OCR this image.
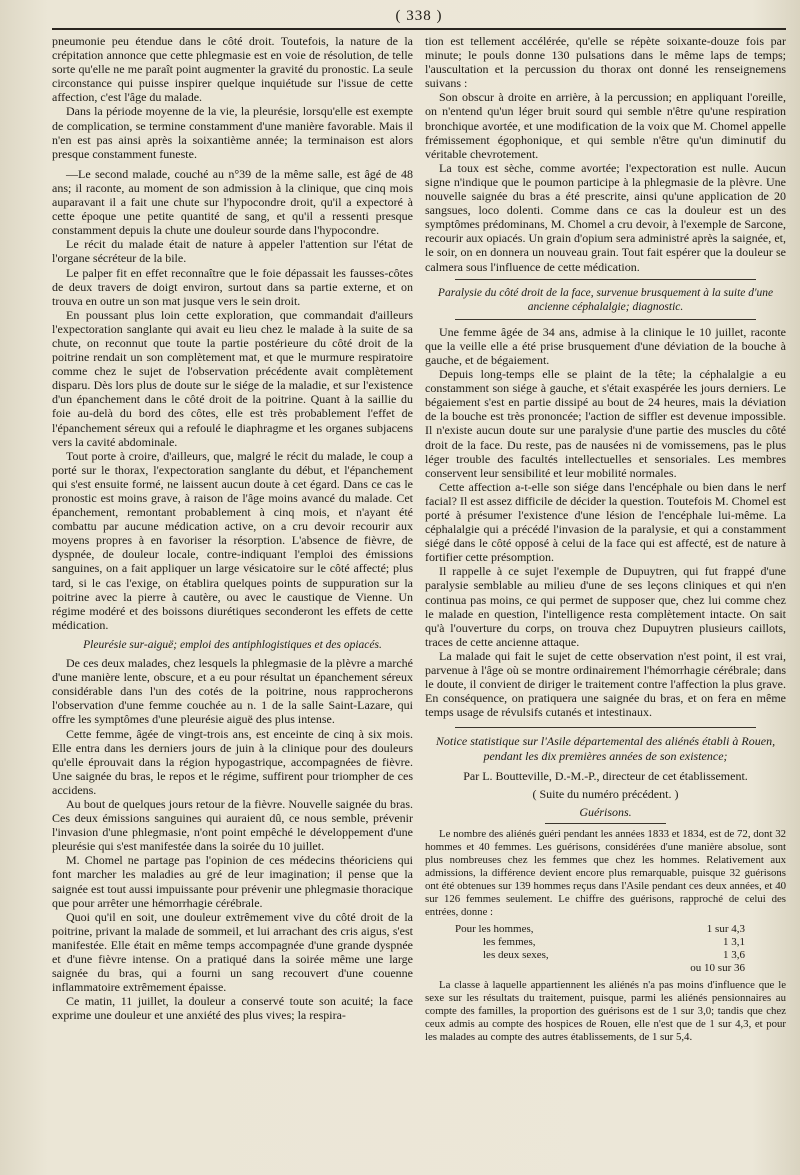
( 338 )

pneumonie peu étendue dans le côté droit. Toutefois, la nature de la crépitation annonce que cette phlegmasie est en voie de résolution, de telle sorte qu'elle ne me paraît point augmenter la gravité du pronostic. La seule circonstance qui puisse inspirer quelque inquiétude sur l'issue de cette affection, c'est l'âge du malade.

Dans la période moyenne de la vie, la pleurésie, lorsqu'elle est exempte de complication, se termine constamment d'une manière favorable. Mais il n'en est pas ainsi après la soixantième année; la terminaison est alors presque constamment funeste.

—Le second malade, couché au n°39 de la même salle, est âgé de 48 ans; il raconte, au moment de son admission à la clinique, que cinq mois auparavant il a fait une chute sur l'hypocondre droit, qu'il a expectoré à cette époque une petite quantité de sang, et qu'il a ressenti presque constamment depuis la chute une douleur sourde dans l'hypocondre.

Le récit du malade était de nature à appeler l'attention sur l'état de l'organe sécréteur de la bile.

Le palper fit en effet reconnaître que le foie dépassait les fausses-côtes de deux travers de doigt environ, surtout dans sa partie externe, et on trouva en outre un son mat jusque vers le sein droit.

En poussant plus loin cette exploration, que commandait d'ailleurs l'expectoration sanglante qui avait eu lieu chez le malade à la suite de sa chute, on reconnut que toute la partie postérieure du côté droit de la poitrine rendait un son complètement mat, et que le murmure respiratoire comme chez le sujet de l'observation précédente avait complètement disparu. Dès lors plus de doute sur le siége de la maladie, et sur l'existence d'un épanchement dans le côté droit de la poitrine. Quant à la saillie du foie au-delà du bord des côtes, elle est très probablement l'effet de l'épanchement séreux qui a refoulé le diaphragme et les organes subjacens vers la cavité abdominale.

Tout porte à croire, d'ailleurs, que, malgré le récit du malade, le coup a porté sur le thorax, l'expectoration sanglante du début, et l'épanchement qui s'est ensuite formé, ne laissent aucun doute à cet égard. Dans ce cas le pronostic est moins grave, à raison de l'âge moins avancé du malade. Cet épanchement, remontant probablement à cinq mois, et n'ayant été combattu par aucune médication active, on a cru devoir recourir aux moyens propres à en favoriser la résorption. L'absence de fièvre, de dyspnée, de douleur locale, contre-indiquant l'emploi des émissions sanguines, on a fait appliquer un large vésicatoire sur le côté affecté; plus tard, si le cas l'exige, on établira quelques points de suppuration sur la poitrine avec la pierre à cautère, ou avec le caustique de Vienne. Un régime modéré et des boissons diurétiques seconderont les effets de cette médication.

Pleurésie sur-aiguë; emploi des antiphlogistiques et des opiacés.

De ces deux malades, chez lesquels la phlegmasie de la plèvre a marché d'une manière lente, obscure, et a eu pour résultat un épanchement séreux considérable dans l'un des cotés de la poitrine, nous rapprocherons l'observation d'une femme couchée au n. 1 de la salle Saint-Lazare, qui offre les symptômes d'une pleurésie aiguë des plus intense.

Cette femme, âgée de vingt-trois ans, est enceinte de cinq à six mois. Elle entra dans les derniers jours de juin à la clinique pour des douleurs qu'elle éprouvait dans la région hypogastrique, accompagnées de fièvre. Une saignée du bras, le repos et le régime, suffirent pour triompher de ces accidens.

Au bout de quelques jours retour de la fièvre. Nouvelle saignée du bras. Ces deux émissions sanguines qui auraient dû, ce nous semble, prévenir l'invasion d'une phlegmasie, n'ont point empêché le développement d'une pleurésie qui s'est manifestée dans la soirée du 10 juillet.

M. Chomel ne partage pas l'opinion de ces médecins théoriciens qui font marcher les maladies au gré de leur imagination; il pense que la saignée est tout aussi impuissante pour prévenir une phlegmasie thoracique que pour arrêter une hémorrhagie cérébrale.

Quoi qu'il en soit, une douleur extrêmement vive du côté droit de la poitrine, privant la malade de sommeil, et lui arrachant des cris aigus, s'est manifestée. Elle était en même temps accompagnée d'une grande dyspnée et d'une fièvre intense. On a pratiqué dans la soirée même une large saignée du bras, qui a fourni un sang recouvert d'une couenne inflammatoire extrêmement épaisse.

Ce matin, 11 juillet, la douleur a conservé toute son acuité; la face exprime une douleur et une anxiété des plus vives; la respira-

tion est tellement accélérée, qu'elle se répète soixante-douze fois par minute; le pouls donne 130 pulsations dans le même laps de temps; l'auscultation et la percussion du thorax ont donné les renseignemens suivans :

Son obscur à droite en arrière, à la percussion; en appliquant l'oreille, on n'entend qu'un léger bruit sourd qui semble n'être qu'une respiration bronchique avortée, et une modification de la voix que M. Chomel appelle frémissement égophonique, et qui semble n'être qu'un diminutif du véritable chevrotement.

La toux est sèche, comme avortée; l'expectoration est nulle. Aucun signe n'indique que le poumon participe à la phlegmasie de la plèvre. Une nouvelle saignée du bras a été prescrite, ainsi qu'une application de 20 sangsues, loco dolenti. Comme dans ce cas la douleur est un des symptômes prédominans, M. Chomel a cru devoir, à l'exemple de Sarcone, recourir aux opiacés. Un grain d'opium sera administré après la saignée, et, le soir, on en donnera un nouveau grain. Tout fait espérer que la douleur se calmera sous l'influence de cette médication.

Paralysie du côté droit de la face, survenue brusquement à la suite d'une ancienne céphalalgie; diagnostic.

Une femme âgée de 34 ans, admise à la clinique le 10 juillet, raconte que la veille elle a été prise brusquement d'une déviation de la bouche à gauche, et de bégaiement.

Depuis long-temps elle se plaint de la tête; la céphalalgie a eu constamment son siége à gauche, et s'était exaspérée les jours derniers. Le bégaiement s'est en partie dissipé au bout de 24 heures, mais la déviation de la bouche est très prononcée; l'action de siffler est devenue impossible. Il n'existe aucun doute sur une paralysie d'une partie des muscles du côté droit de la face. Du reste, pas de nausées ni de vomissemens, pas le plus léger trouble des facultés intellectuelles et sensoriales. Les membres conservent leur sensibilité et leur mobilité normales.

Cette affection a-t-elle son siége dans l'encéphale ou bien dans le nerf facial? Il est assez difficile de décider la question. Toutefois M. Chomel est porté à présumer l'existence d'une lésion de l'encéphale lui-même. La céphalalgie qui a précédé l'invasion de la paralysie, et qui a constamment siégé dans le côté opposé à celui de la face qui est affecté, est de nature à fortifier cette présomption.

Il rappelle à ce sujet l'exemple de Dupuytren, qui fut frappé d'une paralysie semblable au milieu d'une de ses leçons cliniques et qui n'en continua pas moins, ce qui permet de supposer que, chez lui comme chez le malade en question, l'intelligence resta complètement intacte. On sait qu'à l'ouverture du corps, on trouva chez Dupuytren plusieurs caillots, traces de cette ancienne attaque.

La malade qui fait le sujet de cette observation n'est point, il est vrai, parvenue à l'âge où se montre ordinairement l'hémorrhagie cérébrale; dans le doute, il convient de diriger le traitement contre l'affection la plus grave. En conséquence, on pratiquera une saignée du bras, et on fera en même temps usage de révulsifs cutanés et intestinaux.

Notice statistique sur l'Asile départemental des aliénés établi à Rouen, pendant les dix premières années de son existence;
Par L. Boutteville, D.-M.-P., directeur de cet établissement.
( Suite du numéro précédent. )
Guérisons.

Le nombre des aliénés guéri pendant les années 1833 et 1834, est de 72, dont 32 hommes et 40 femmes. Les guérisons, considérées d'une manière absolue, sont plus nombreuses chez les femmes que chez les hommes. Relativement aux admissions, la différence devient encore plus remarquable, puisque 32 guérisons ont été obtenues sur 139 hommes reçus dans l'Asile pendant ces deux années, et 40 sur 126 femmes seulement. Le chiffre des guérisons, rapproché de celui des entrées, donne :

Pour les hommes,	1 sur 4,3
les femmes,	1 3,1
les deux sexes,	1 3,6
ou 10 sur 36

La classe à laquelle appartiennent les aliénés n'a pas moins d'influence que le sexe sur les résultats du traitement, puisque, parmi les aliénés pensionnaires au compte des familles, la proportion des guérisons est de 1 sur 3,0; tandis que chez ceux admis au compte des hospices de Rouen, elle n'est que de 1 sur 4,3, et pour les malades au compte des autres établissements, de 1 sur 5,4.
